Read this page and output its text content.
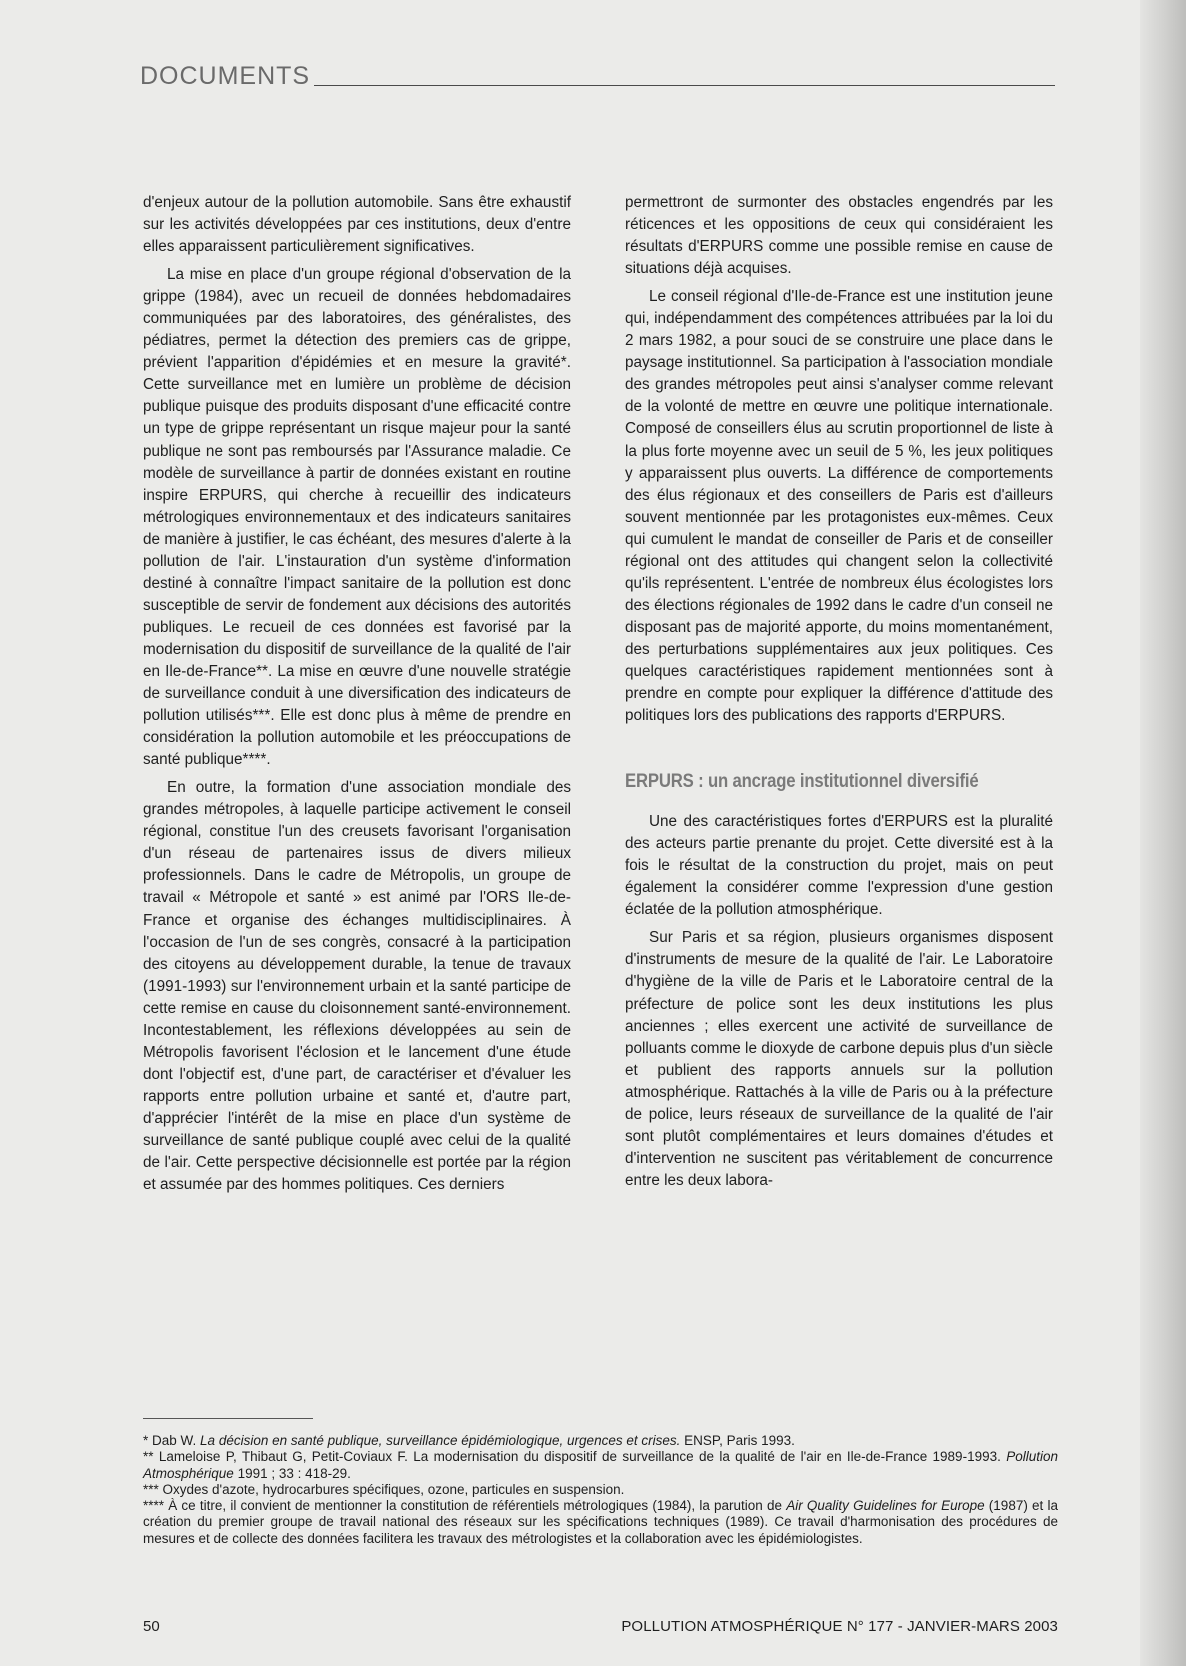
DOCUMENTS

d'enjeux autour de la pollution automobile. Sans être exhaustif sur les activités développées par ces institutions, deux d'entre elles apparaissent particulièrement significatives.

La mise en place d'un groupe régional d'observation de la grippe (1984), avec un recueil de données hebdomadaires communiquées par des laboratoires, des généralistes, des pédiatres, permet la détection des premiers cas de grippe, prévient l'apparition d'épidémies et en mesure la gravité*. Cette surveillance met en lumière un problème de décision publique puisque des produits disposant d'une efficacité contre un type de grippe représentant un risque majeur pour la santé publique ne sont pas remboursés par l'Assurance maladie. Ce modèle de surveillance à partir de données existant en routine inspire ERPURS, qui cherche à recueillir des indicateurs métrologiques environnementaux et des indicateurs sanitaires de manière à justifier, le cas échéant, des mesures d'alerte à la pollution de l'air. L'instauration d'un système d'information destiné à connaître l'impact sanitaire de la pollution est donc susceptible de servir de fondement aux décisions des autorités publiques. Le recueil de ces données est favorisé par la modernisation du dispositif de surveillance de la qualité de l'air en Ile-de-France**. La mise en œuvre d'une nouvelle stratégie de surveillance conduit à une diversification des indicateurs de pollution utilisés***. Elle est donc plus à même de prendre en considération la pollution automobile et les préoccupations de santé publique****.

En outre, la formation d'une association mondiale des grandes métropoles, à laquelle participe activement le conseil régional, constitue l'un des creusets favorisant l'organisation d'un réseau de partenaires issus de divers milieux professionnels. Dans le cadre de Métropolis, un groupe de travail « Métropole et santé » est animé par l'ORS Ile-de-France et organise des échanges multidisciplinaires. À l'occasion de l'un de ses congrès, consacré à la participation des citoyens au développement durable, la tenue de travaux (1991-1993) sur l'environnement urbain et la santé participe de cette remise en cause du cloisonnement santé-environnement. Incontestablement, les réflexions développées au sein de Métropolis favorisent l'éclosion et le lancement d'une étude dont l'objectif est, d'une part, de caractériser et d'évaluer les rapports entre pollution urbaine et santé et, d'autre part, d'apprécier l'intérêt de la mise en place d'un système de surveillance de santé publique couplé avec celui de la qualité de l'air. Cette perspective décisionnelle est portée par la région et assumée par des hommes politiques. Ces derniers

permettront de surmonter des obstacles engendrés par les réticences et les oppositions de ceux qui considéraient les résultats d'ERPURS comme une possible remise en cause de situations déjà acquises.

Le conseil régional d'Ile-de-France est une institution jeune qui, indépendamment des compétences attribuées par la loi du 2 mars 1982, a pour souci de se construire une place dans le paysage institutionnel. Sa participation à l'association mondiale des grandes métropoles peut ainsi s'analyser comme relevant de la volonté de mettre en œuvre une politique internationale. Composé de conseillers élus au scrutin proportionnel de liste à la plus forte moyenne avec un seuil de 5 %, les jeux politiques y apparaissent plus ouverts. La différence de comportements des élus régionaux et des conseillers de Paris est d'ailleurs souvent mentionnée par les protagonistes eux-mêmes. Ceux qui cumulent le mandat de conseiller de Paris et de conseiller régional ont des attitudes qui changent selon la collectivité qu'ils représentent. L'entrée de nombreux élus écologistes lors des élections régionales de 1992 dans le cadre d'un conseil ne disposant pas de majorité apporte, du moins momentanément, des perturbations supplémentaires aux jeux politiques. Ces quelques caractéristiques rapidement mentionnées sont à prendre en compte pour expliquer la différence d'attitude des politiques lors des publications des rapports d'ERPURS.

ERPURS : un ancrage institutionnel diversifié

Une des caractéristiques fortes d'ERPURS est la pluralité des acteurs partie prenante du projet. Cette diversité est à la fois le résultat de la construction du projet, mais on peut également la considérer comme l'expression d'une gestion éclatée de la pollution atmosphérique.

Sur Paris et sa région, plusieurs organismes disposent d'instruments de mesure de la qualité de l'air. Le Laboratoire d'hygiène de la ville de Paris et le Laboratoire central de la préfecture de police sont les deux institutions les plus anciennes ; elles exercent une activité de surveillance de polluants comme le dioxyde de carbone depuis plus d'un siècle et publient des rapports annuels sur la pollution atmosphérique. Rattachés à la ville de Paris ou à la préfecture de police, leurs réseaux de surveillance de la qualité de l'air sont plutôt complémentaires et leurs domaines d'études et d'intervention ne suscitent pas véritablement de concurrence entre les deux labora-

* Dab W. La décision en santé publique, surveillance épidémiologique, urgences et crises. ENSP, Paris 1993.

** Lameloise P, Thibaut G, Petit-Coviaux F. La modernisation du dispositif de surveillance de la qualité de l'air en Ile-de-France 1989-1993. Pollution Atmosphérique 1991 ; 33 : 418-29.

*** Oxydes d'azote, hydrocarbures spécifiques, ozone, particules en suspension.

**** À ce titre, il convient de mentionner la constitution de référentiels métrologiques (1984), la parution de Air Quality Guidelines for Europe (1987) et la création du premier groupe de travail national des réseaux sur les spécifications techniques (1989). Ce travail d'harmonisation des procédures de mesures et de collecte des données facilitera les travaux des métrologistes et la collaboration avec les épidémiologistes.

50	POLLUTION ATMOSPHÉRIQUE N° 177 - JANVIER-MARS 2003
